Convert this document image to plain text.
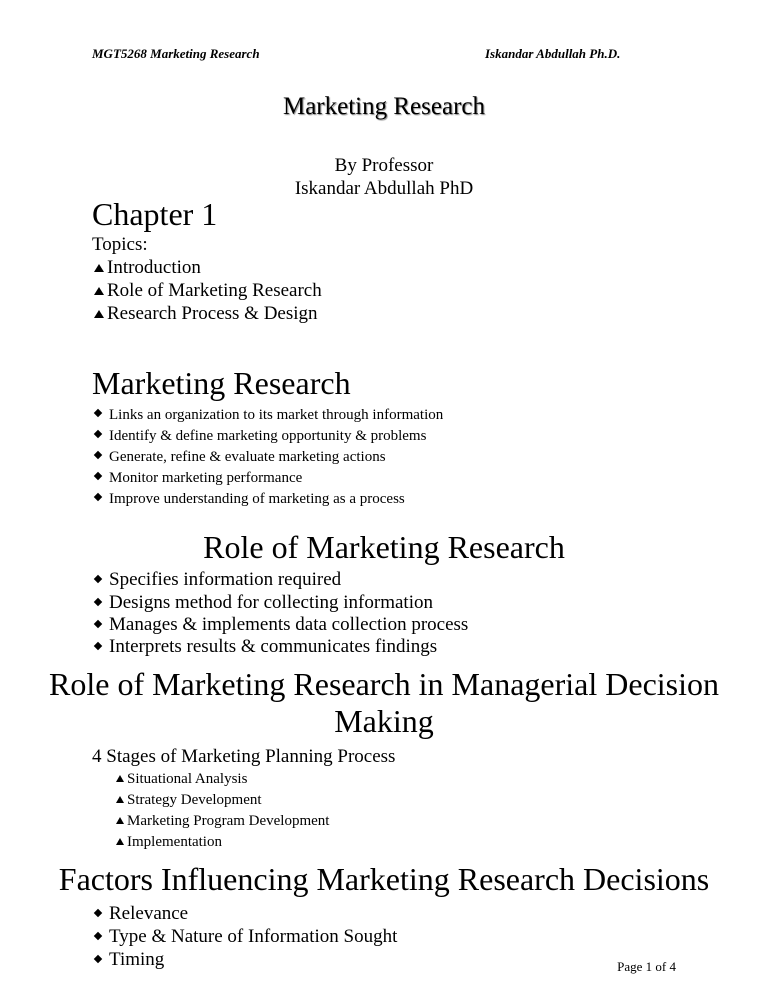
MGT5268 Marketing Research	Iskandar Abdullah Ph.D.
Marketing Research
By Professor
Iskandar Abdullah PhD
Chapter 1
Topics:
Introduction
Role of Marketing Research
Research Process & Design
Marketing Research
Links an organization to its market through information
Identify & define marketing opportunity & problems
Generate, refine & evaluate marketing actions
Monitor marketing performance
Improve understanding of marketing as a process
Role of Marketing Research
Specifies information required
Designs method for collecting information
Manages & implements data collection process
Interprets results & communicates findings
Role of Marketing Research in Managerial Decision
Making
4 Stages of Marketing Planning Process
Situational Analysis
Strategy Development
Marketing Program Development
Implementation
Factors Influencing Marketing Research Decisions
Relevance
Type & Nature of Information Sought
Timing	Page 1 of 4
